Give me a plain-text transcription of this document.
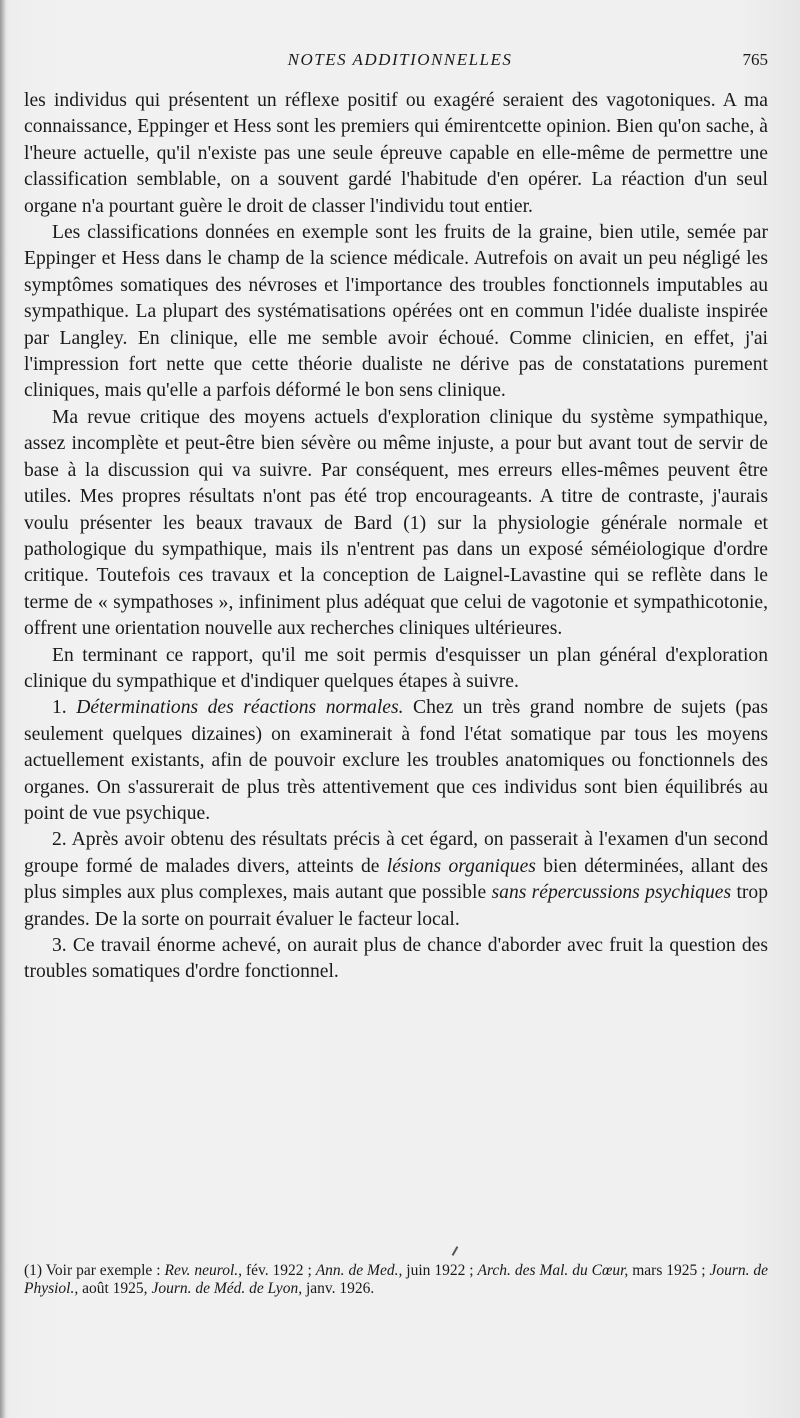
NOTES ADDITIONNELLES	765

les individus qui présentent un réflexe positif ou exagéré seraient des vagotoniques. A ma connaissance, Eppinger et Hess sont les premiers qui émirentcette opinion. Bien qu'on sache, à l'heure actuelle, qu'il n'existe pas une seule épreuve capable en elle-même de permettre une classification semblable, on a souvent gardé l'habitude d'en opérer. La réaction d'un seul organe n'a pourtant guère le droit de classer l'individu tout entier.

Les classifications données en exemple sont les fruits de la graine, bien utile, semée par Eppinger et Hess dans le champ de la science médicale. Autrefois on avait un peu négligé les symptômes somatiques des névroses et l'importance des troubles fonctionnels imputables au sympathique. La plupart des systématisations opérées ont en commun l'idée dualiste inspirée par Langley. En clinique, elle me semble avoir échoué. Comme clinicien, en effet, j'ai l'impression fort nette que cette théorie dualiste ne dérive pas de constatations purement cliniques, mais qu'elle a parfois déformé le bon sens clinique.

Ma revue critique des moyens actuels d'exploration clinique du système sympathique, assez incomplète et peut-être bien sévère ou même injuste, a pour but avant tout de servir de base à la discussion qui va suivre. Par conséquent, mes erreurs elles-mêmes peuvent être utiles. Mes propres résultats n'ont pas été trop encourageants. A titre de contraste, j'aurais voulu présenter les beaux travaux de Bard (1) sur la physiologie générale normale et pathologique du sympathique, mais ils n'entrent pas dans un exposé séméiologique d'ordre critique. Toutefois ces travaux et la conception de Laignel-Lavastine qui se reflète dans le terme de « sympathoses », infiniment plus adéquat que celui de vagotonie et sympathicotonie, offrent une orientation nouvelle aux recherches cliniques ultérieures.

En terminant ce rapport, qu'il me soit permis d'esquisser un plan général d'exploration clinique du sympathique et d'indiquer quelques étapes à suivre.

1. Déterminations des réactions normales. Chez un très grand nombre de sujets (pas seulement quelques dizaines) on examinerait à fond l'état somatique par tous les moyens actuellement existants, afin de pouvoir exclure les troubles anatomiques ou fonctionnels des organes. On s'assurerait de plus très attentivement que ces individus sont bien équilibrés au point de vue psychique.

2. Après avoir obtenu des résultats précis à cet égard, on passerait à l'examen d'un second groupe formé de malades divers, atteints de lésions organiques bien déterminées, allant des plus simples aux plus complexes, mais autant que possible sans répercussions psychiques trop grandes. De la sorte on pourrait évaluer le facteur local.

3. Ce travail énorme achevé, on aurait plus de chance d'aborder avec fruit la question des troubles somatiques d'ordre fonctionnel.

(1) Voir par exemple : Rev. neurol., fév. 1922 ; Ann. de Med., juin 1922 ; Arch. des Mal. du Cœur, mars 1925 ; Journ. de Physiol., août 1925, Journ. de Méd. de Lyon, janv. 1926.
